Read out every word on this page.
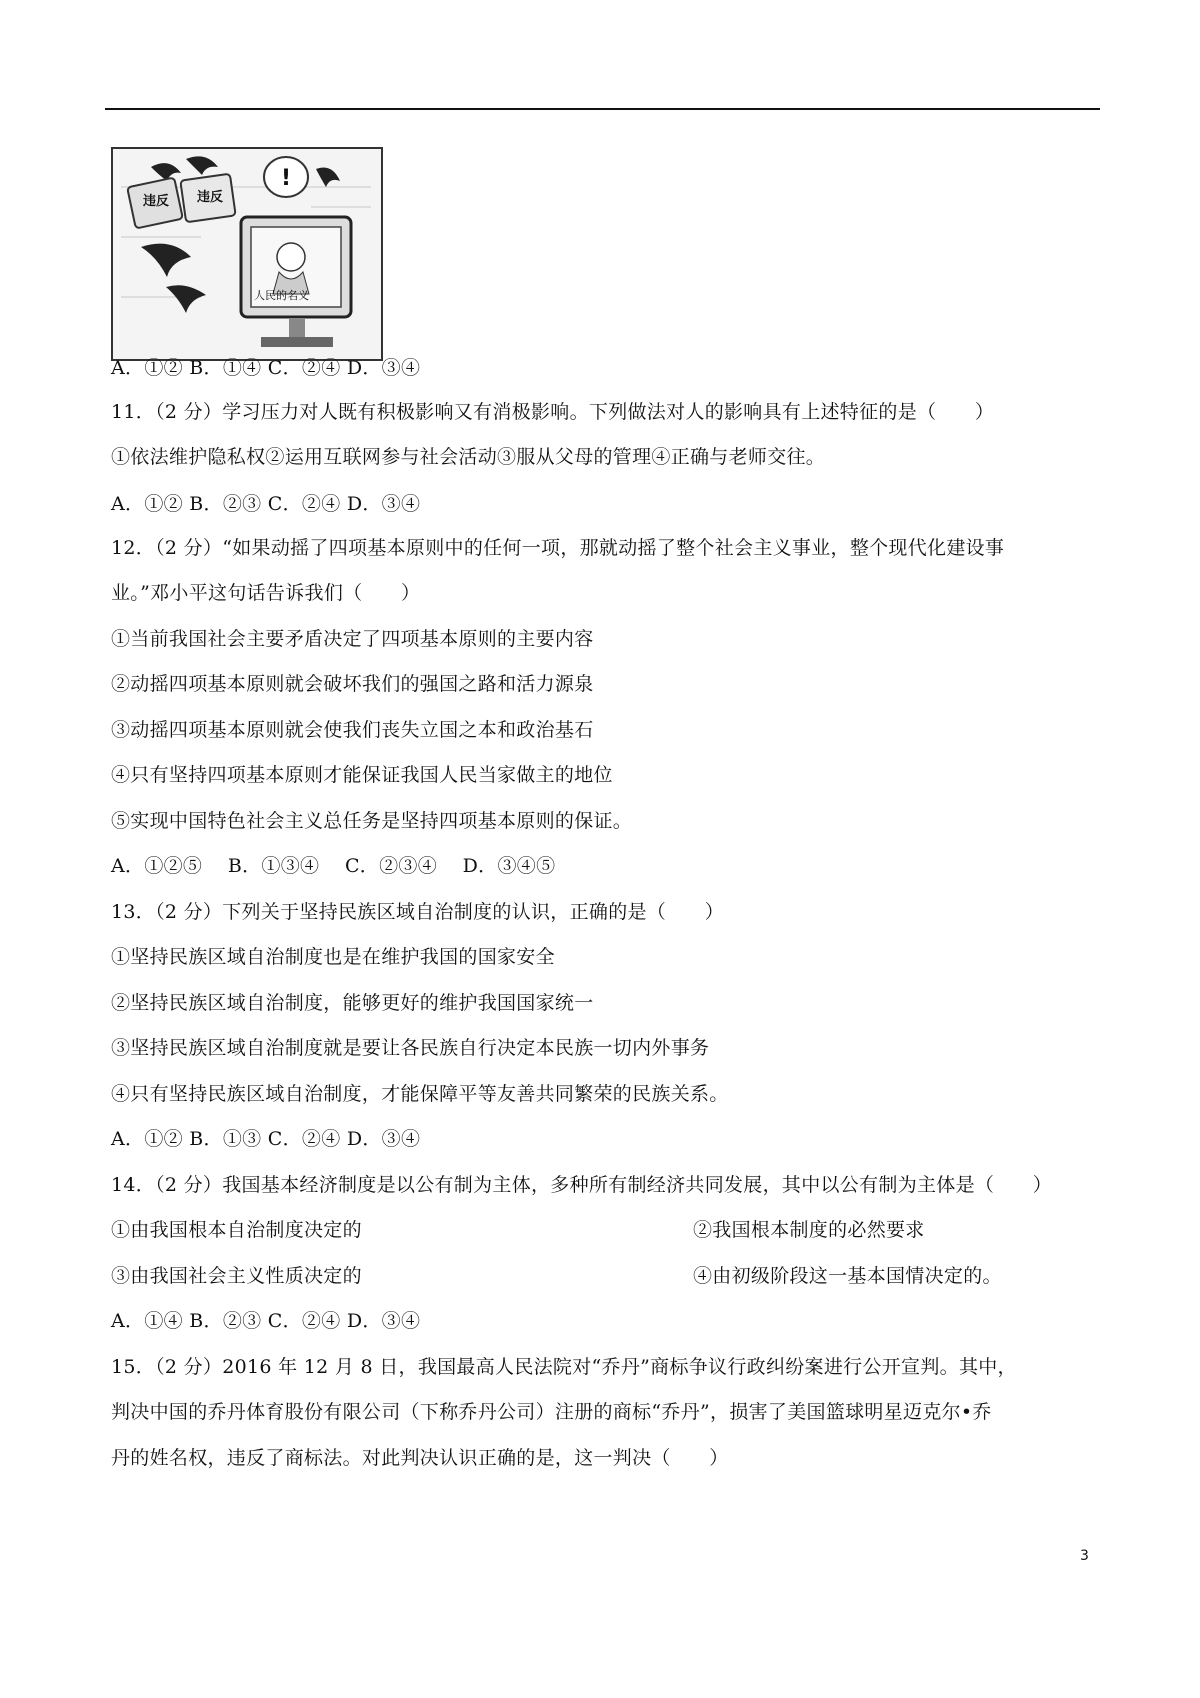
违反 违反
!
人民的名义
A．①② B．①④ C．②④ D．③④
11．（2 分）学习压力对人既有积极影响又有消极影响。下列做法对人的影响具有上述特征的是（　　）
①依法维护隐私权②运用互联网参与社会活动③服从父母的管理④正确与老师交往。
A．①② B．②③ C．②④ D．③④
12．（2 分）“如果动摇了四项基本原则中的任何一项，那就动摇了整个社会主义事业，整个现代化建设事
业。”邓小平这句话告诉我们（　　）
①当前我国社会主要矛盾决定了四项基本原则的主要内容
②动摇四项基本原则就会破坏我们的强国之路和活力源泉
③动摇四项基本原则就会使我们丧失立国之本和政治基石
④只有坚持四项基本原则才能保证我国人民当家做主的地位
⑤实现中国特色社会主义总任务是坚持四项基本原则的保证。
A．①②⑤　 B．①③④　 C．②③④　 D．③④⑤
13．（2 分）下列关于坚持民族区域自治制度的认识，正确的是（　　）
①坚持民族区域自治制度也是在维护我国的国家安全
②坚持民族区域自治制度，能够更好的维护我国国家统一
③坚持民族区域自治制度就是要让各民族自行决定本民族一切内外事务
④只有坚持民族区域自治制度，才能保障平等友善共同繁荣的民族关系。
A．①② B．①③ C．②④ D．③④
14．（2 分）我国基本经济制度是以公有制为主体，多种所有制经济共同发展，其中以公有制为主体是（　　）
①由我国根本自治制度决定的	②我国根本制度的必然要求
③由我国社会主义性质决定的	④由初级阶段这一基本国情决定的。
A．①④ B．②③ C．②④ D．③④
15．（2 分）2016 年 12 月 8 日，我国最高人民法院对“乔丹”商标争议行政纠纷案进行公开宣判。其中，
判决中国的乔丹体育股份有限公司（下称乔丹公司）注册的商标“乔丹”，损害了美国篮球明星迈克尔•乔
丹的姓名权，违反了商标法。对此判决认识正确的是，这一判决（　　）
3
